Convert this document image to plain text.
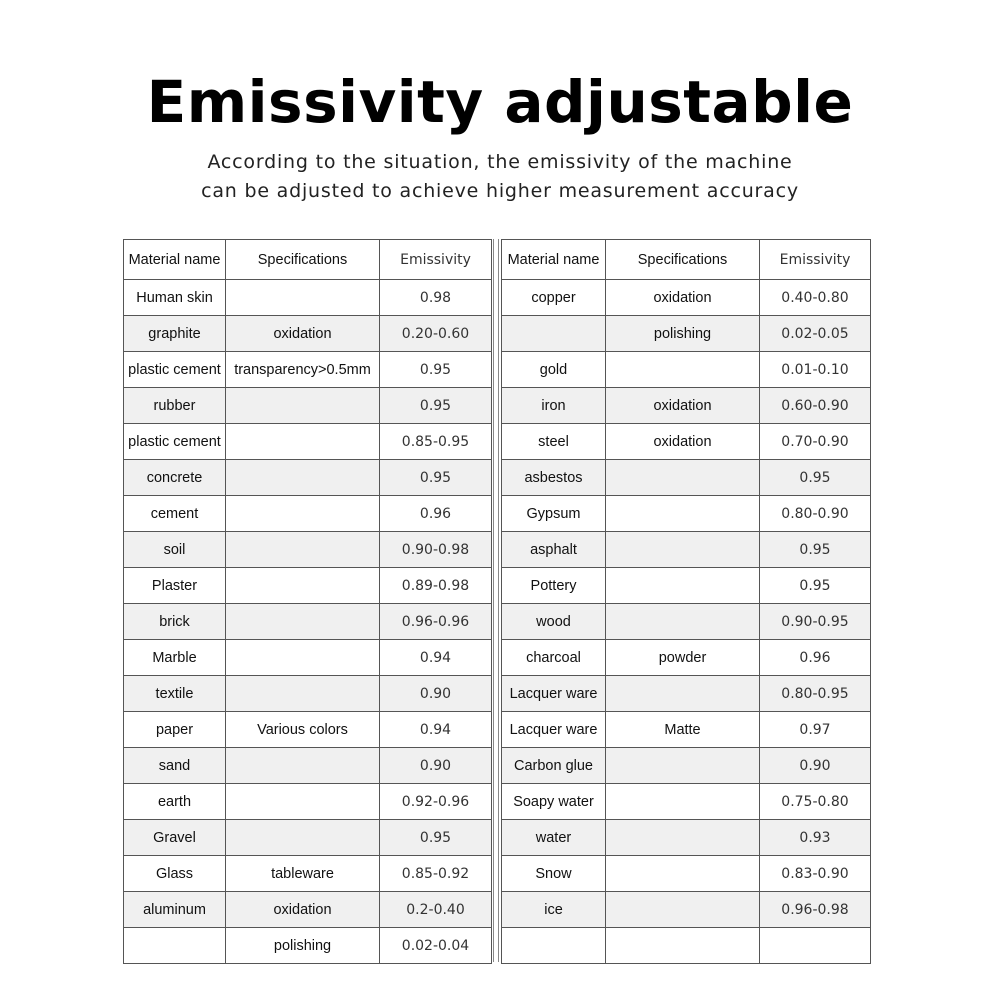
Emissivity adjustable
According to the situation, the emissivity of the machine
can be adjusted to achieve higher measurement accuracy
Material name	Specifications	Emissivity
Human skin		0.98
graphite	oxidation	0.20-0.60
plastic cement	transparency>0.5mm	0.95
rubber		0.95
plastic cement		0.85-0.95
concrete		0.95
cement		0.96
soil		0.90-0.98
Plaster		0.89-0.98
brick		0.96-0.96
Marble		0.94
textile		0.90
paper	Various colors	0.94
sand		0.90
earth		0.92-0.96
Gravel		0.95
Glass	tableware	0.85-0.92
aluminum	oxidation	0.2-0.40
	polishing	0.02-0.04
Material name	Specifications	Emissivity
copper	oxidation	0.40-0.80
	polishing	0.02-0.05
gold		0.01-0.10
iron	oxidation	0.60-0.90
steel	oxidation	0.70-0.90
asbestos		0.95
Gypsum		0.80-0.90
asphalt		0.95
Pottery		0.95
wood		0.90-0.95
charcoal	powder	0.96
Lacquer ware		0.80-0.95
Lacquer ware	Matte	0.97
Carbon glue		0.90
Soapy water		0.75-0.80
water		0.93
Snow		0.83-0.90
ice		0.96-0.98
